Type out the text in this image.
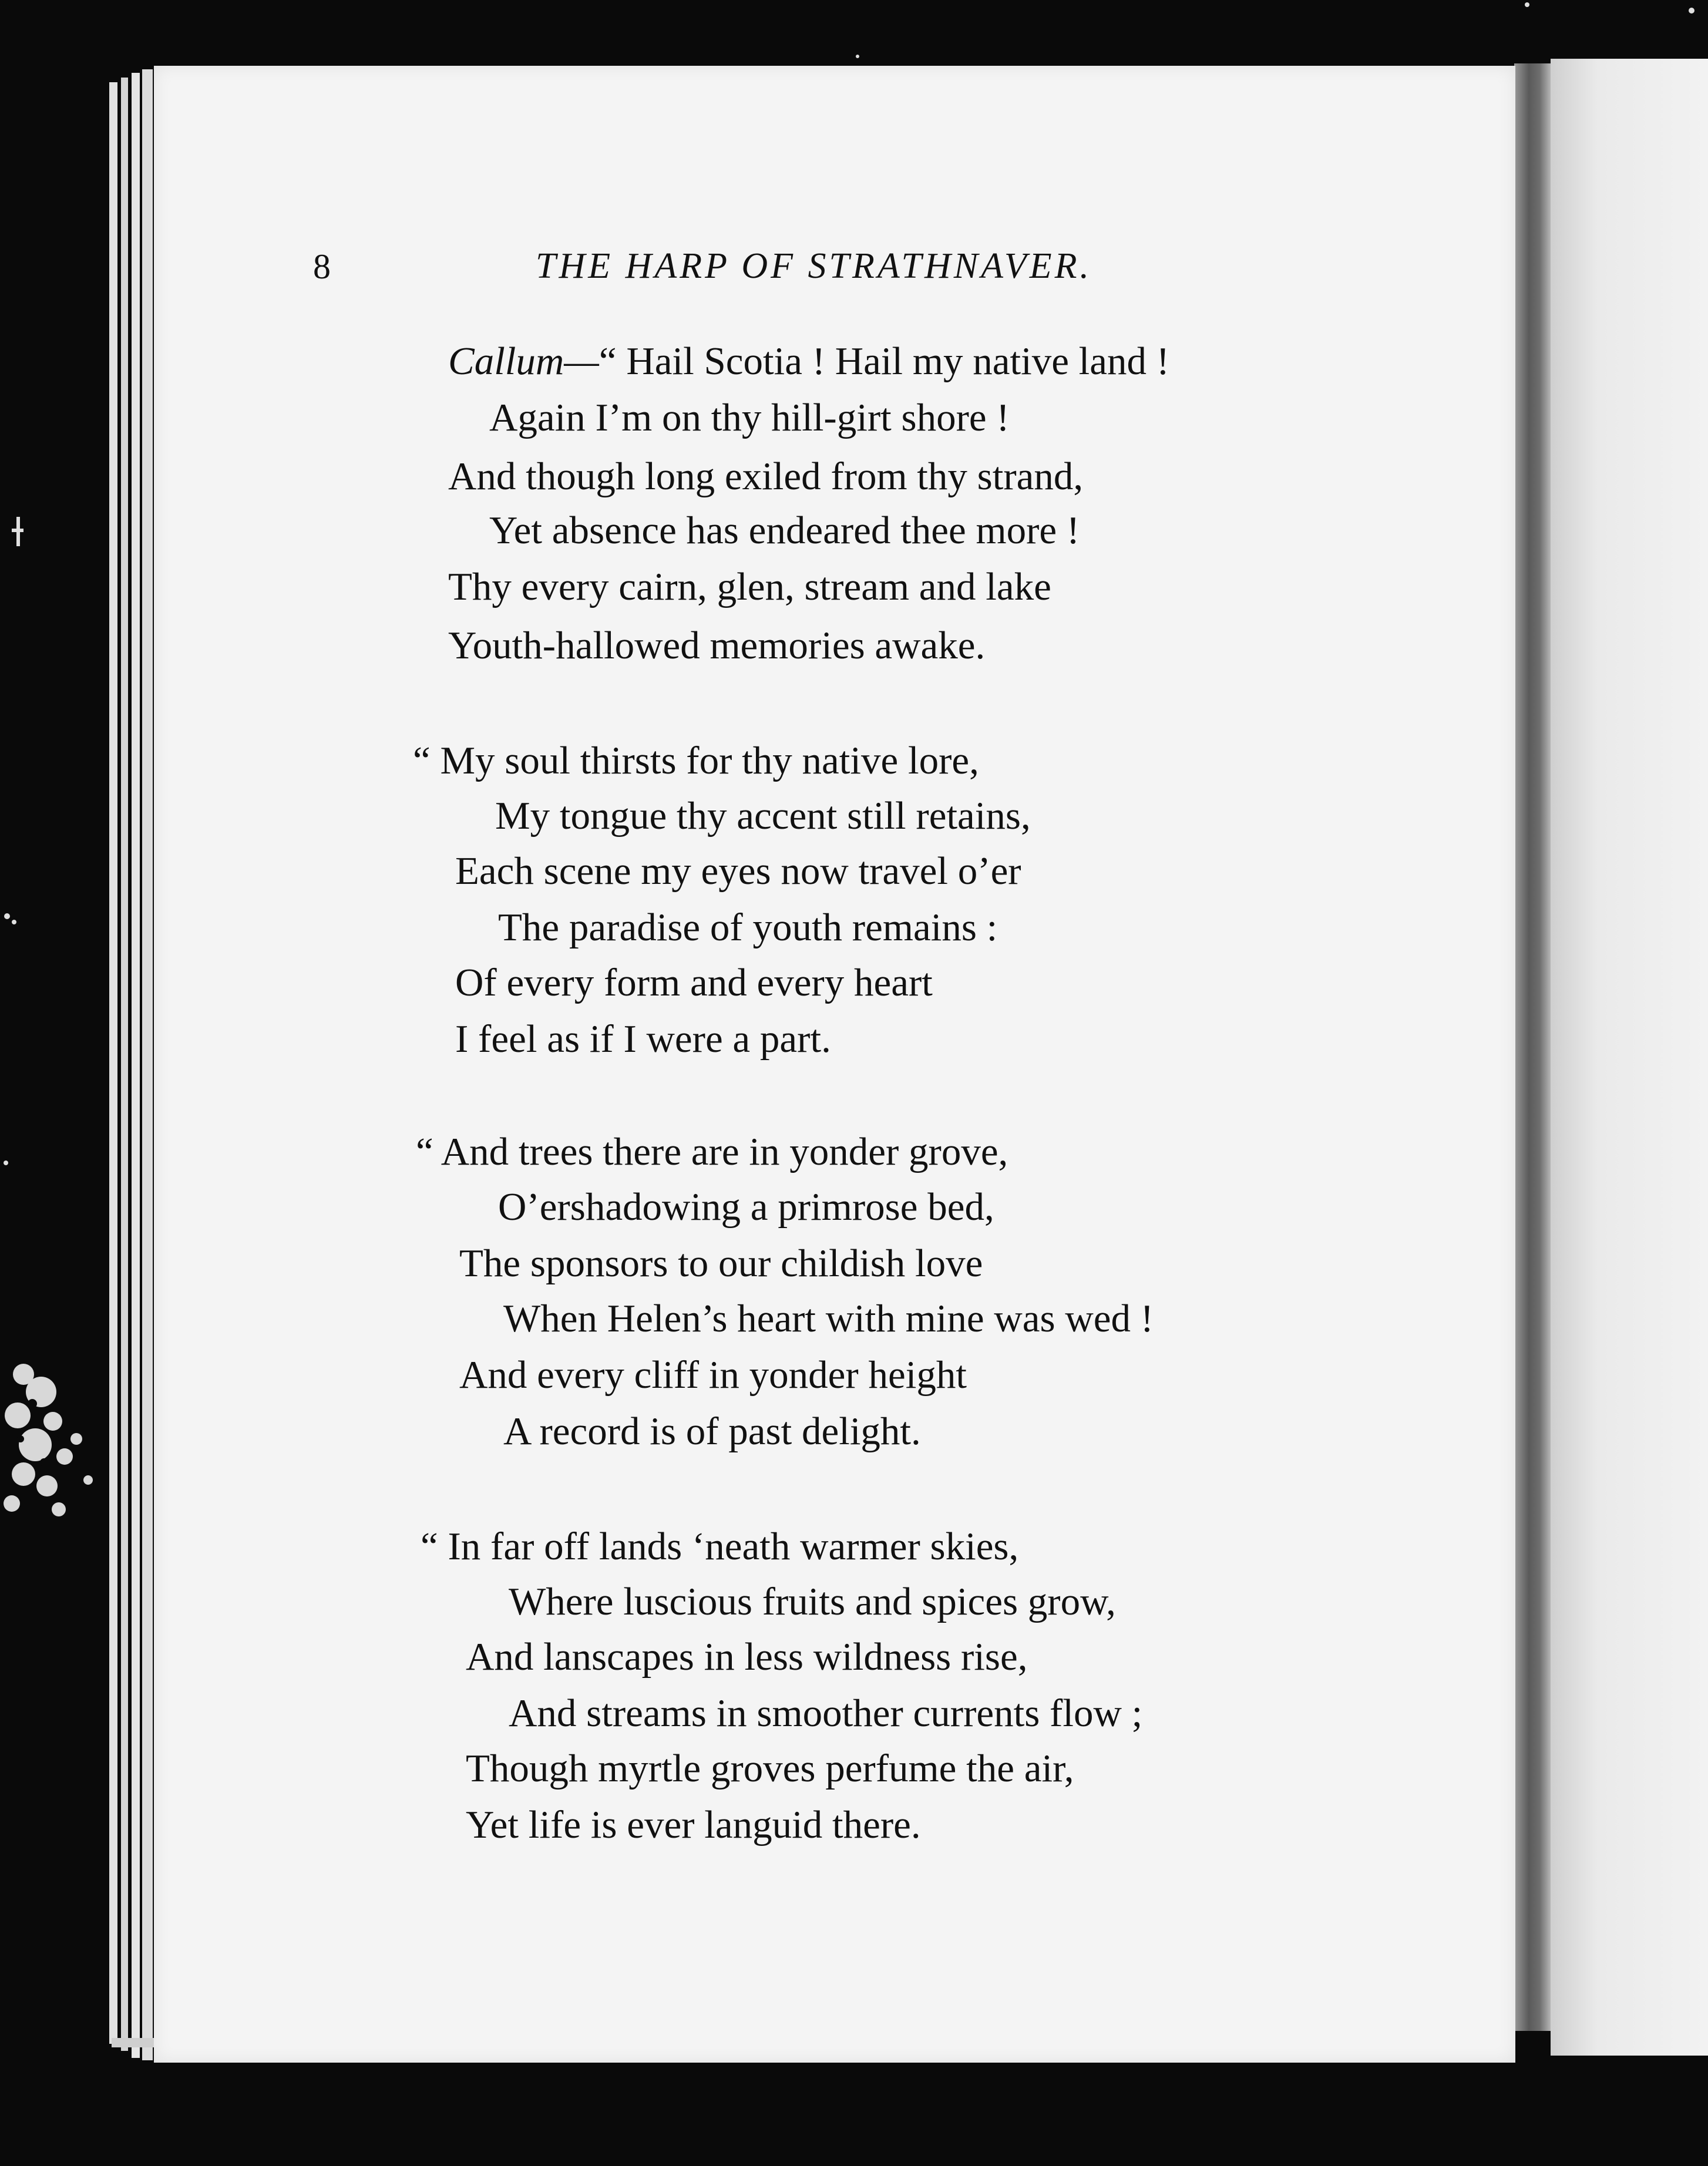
8	THE HARP OF STRATHNAVER.
Callum—“ Hail Scotia ! Hail my native land !
Again I’m on thy hill-girt shore !
And though long exiled from thy strand,
Yet absence has endeared thee more !
Thy every cairn, glen, stream and lake
Youth-hallowed memories awake.
“ My soul thirsts for thy native lore,
My tongue thy accent still retains,
Each scene my eyes now travel o’er
The paradise of youth remains :
Of every form and every heart
I feel as if I were a part.
“ And trees there are in yonder grove,
O’ershadowing a primrose bed,
The sponsors to our childish love
When Helen’s heart with mine was wed !
And every cliff in yonder height
A record is of past delight.
“ In far off lands ‘neath warmer skies,
Where luscious fruits and spices grow,
And lanscapes in less wildness rise,
And streams in smoother currents flow ;
Though myrtle groves perfume the air,
Yet life is ever languid there.
